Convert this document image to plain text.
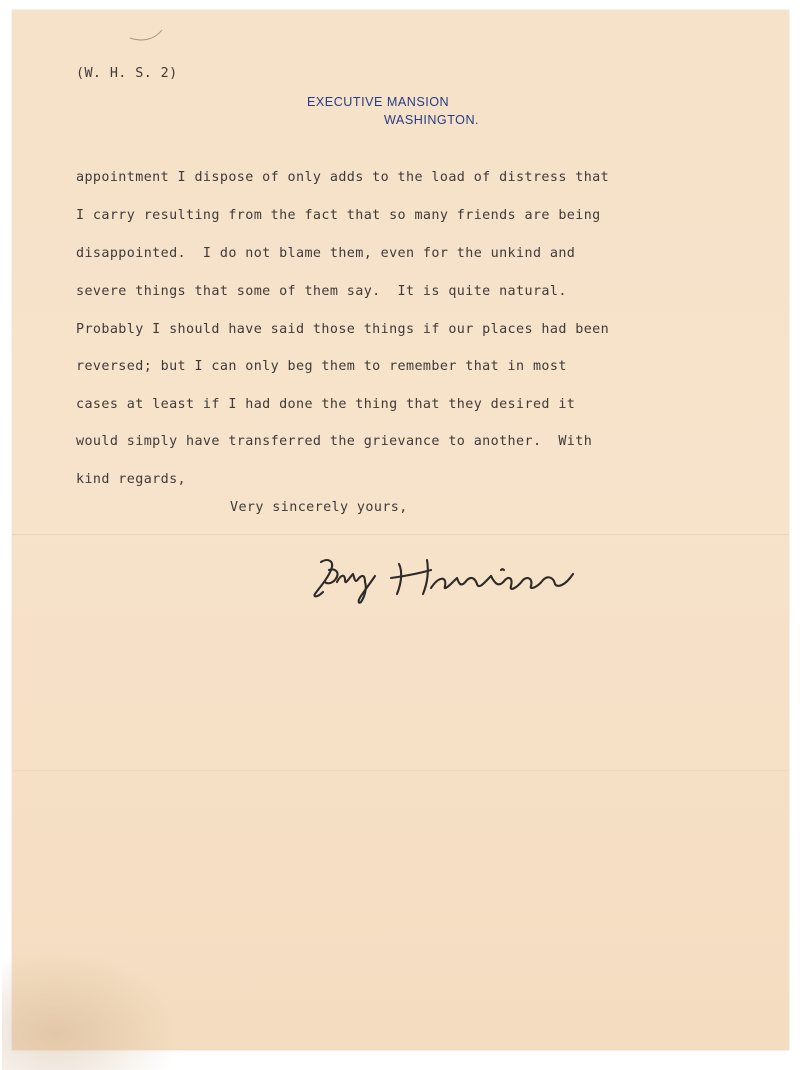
(W. H. S. 2)
EXECUTIVE MANSION
WASHINGTON.
appointment I dispose of only adds to the load of distress that
I carry resulting from the fact that so many friends are being
disappointed.  I do not blame them, even for the unkind and
severe things that some of them say.  It is quite natural.
Probably I should have said those things if our places had been
reversed; but I can only beg them to remember that in most
cases at least if I had done the thing that they desired it
would simply have transferred the grievance to another.  With
kind regards,
Very sincerely yours,
